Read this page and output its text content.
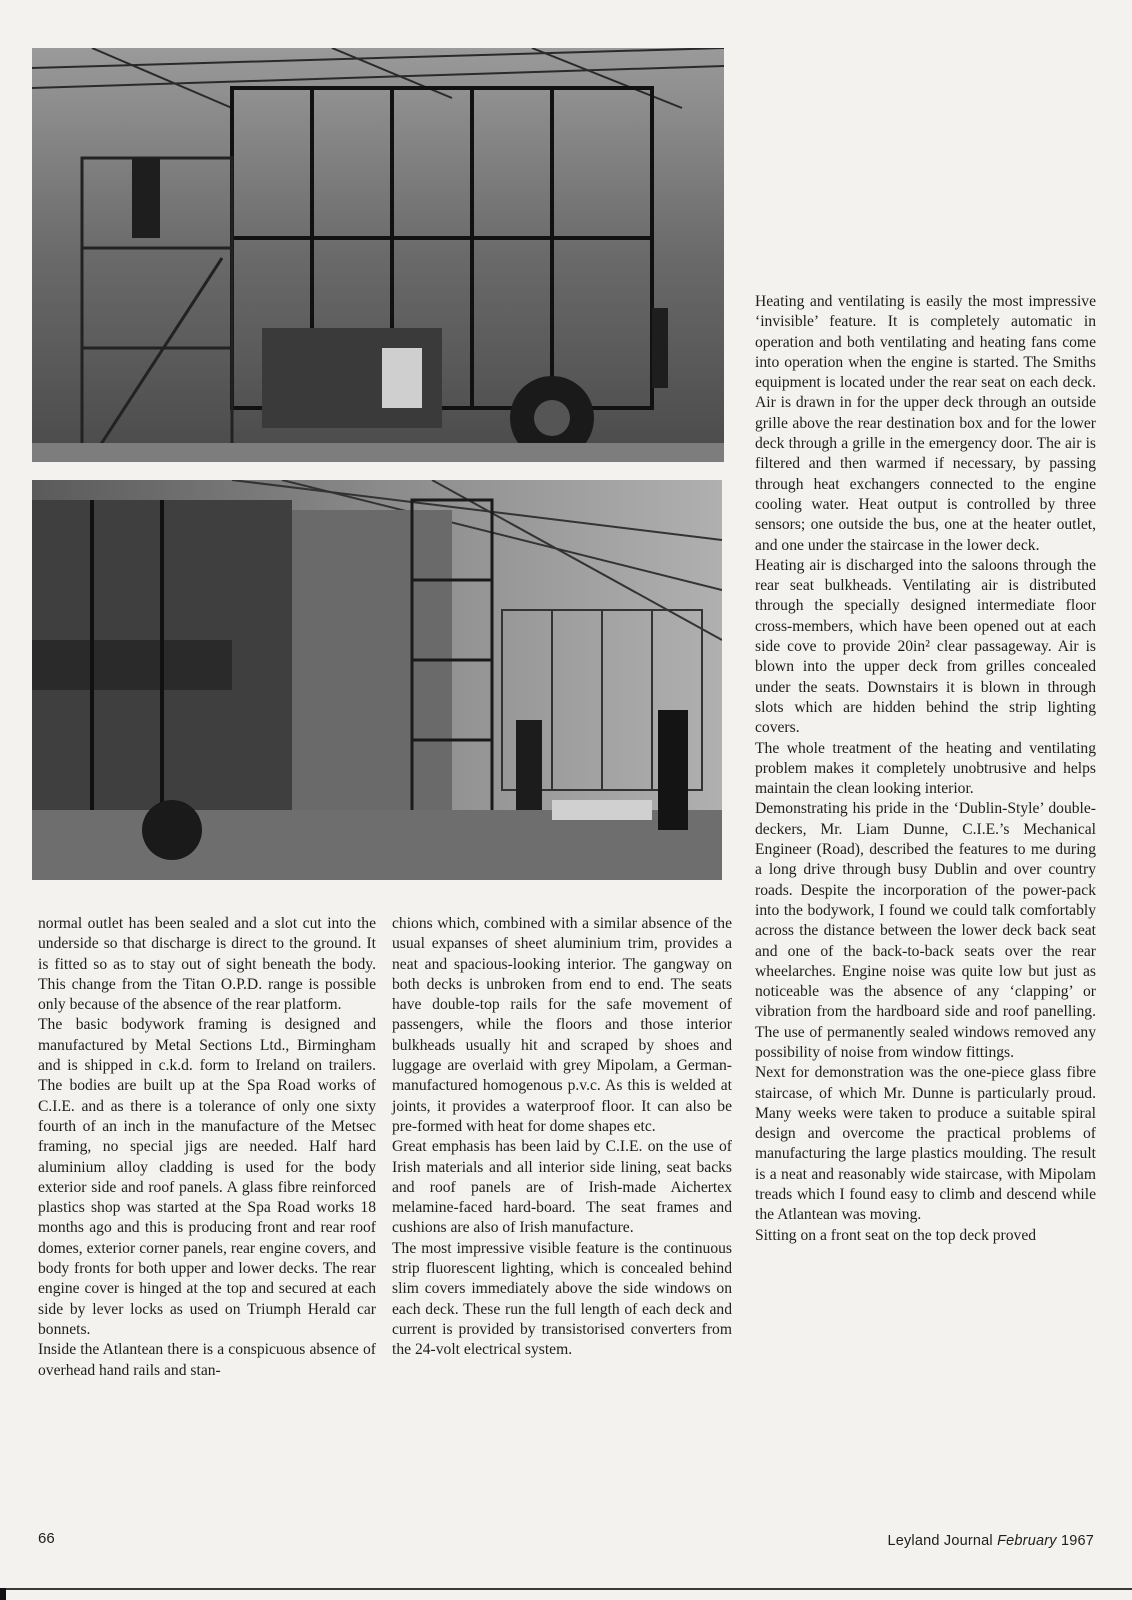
normal outlet has been sealed and a slot cut into the underside so that discharge is direct to the ground. It is fitted so as to stay out of sight beneath the body. This change from the Titan O.P.D. range is possible only because of the absence of the rear platform.

The basic bodywork framing is designed and manufactured by Metal Sections Ltd., Birmingham and is shipped in c.k.d. form to Ireland on trailers. The bodies are built up at the Spa Road works of C.I.E. and as there is a tolerance of only one sixty fourth of an inch in the manufacture of the Metsec framing, no special jigs are needed. Half hard aluminium alloy cladding is used for the body exterior side and roof panels. A glass fibre reinforced plastics shop was started at the Spa Road works 18 months ago and this is producing front and rear roof domes, exterior corner panels, rear engine covers, and body fronts for both upper and lower decks. The rear engine cover is hinged at the top and secured at each side by lever locks as used on Triumph Herald car bonnets.

Inside the Atlantean there is a conspicuous absence of overhead hand rails and stan-

chions which, combined with a similar absence of the usual expanses of sheet aluminium trim, provides a neat and spacious-looking interior. The gangway on both decks is unbroken from end to end. The seats have double-top rails for the safe movement of passengers, while the floors and those interior bulkheads usually hit and scraped by shoes and luggage are overlaid with grey Mipolam, a German-manufactured homogenous p.v.c. As this is welded at joints, it provides a waterproof floor. It can also be pre-formed with heat for dome shapes etc.

Great emphasis has been laid by C.I.E. on the use of Irish materials and all interior side lining, seat backs and roof panels are of Irish-made Aichertex melamine-faced hard-board. The seat frames and cushions are also of Irish manufacture.

The most impressive visible feature is the continuous strip fluorescent lighting, which is concealed behind slim covers immediately above the side windows on each deck. These run the full length of each deck and current is provided by transistorised converters from the 24-volt electrical system.

Heating and ventilating is easily the most impressive ‘invisible’ feature. It is completely automatic in operation and both ventilating and heating fans come into operation when the engine is started. The Smiths equipment is located under the rear seat on each deck. Air is drawn in for the upper deck through an outside grille above the rear destination box and for the lower deck through a grille in the emergency door. The air is filtered and then warmed if necessary, by passing through heat exchangers connected to the engine cooling water. Heat output is controlled by three sensors; one outside the bus, one at the heater outlet, and one under the staircase in the lower deck.

Heating air is discharged into the saloons through the rear seat bulkheads. Ventilating air is distributed through the specially designed intermediate floor cross-members, which have been opened out at each side cove to provide 20in² clear passageway. Air is blown into the upper deck from grilles concealed under the seats. Downstairs it is blown in through slots which are hidden behind the strip lighting covers.

The whole treatment of the heating and ventilating problem makes it completely unobtrusive and helps maintain the clean looking interior.

Demonstrating his pride in the ‘Dublin-Style’ double-deckers, Mr. Liam Dunne, C.I.E.’s Mechanical Engineer (Road), described the features to me during a long drive through busy Dublin and over country roads. Despite the incorporation of the power-pack into the bodywork, I found we could talk comfortably across the distance between the lower deck back seat and one of the back-to-back seats over the rear wheelarches. Engine noise was quite low but just as noticeable was the absence of any ‘clapping’ or vibration from the hardboard side and roof panelling. The use of permanently sealed windows removed any possibility of noise from window fittings.

Next for demonstration was the one-piece glass fibre staircase, of which Mr. Dunne is particularly proud. Many weeks were taken to produce a suitable spiral design and overcome the practical problems of manufacturing the large plastics moulding. The result is a neat and reasonably wide staircase, with Mipolam treads which I found easy to climb and descend while the Atlantean was moving.

Sitting on a front seat on the top deck proved

66	Leyland Journal February 1967
